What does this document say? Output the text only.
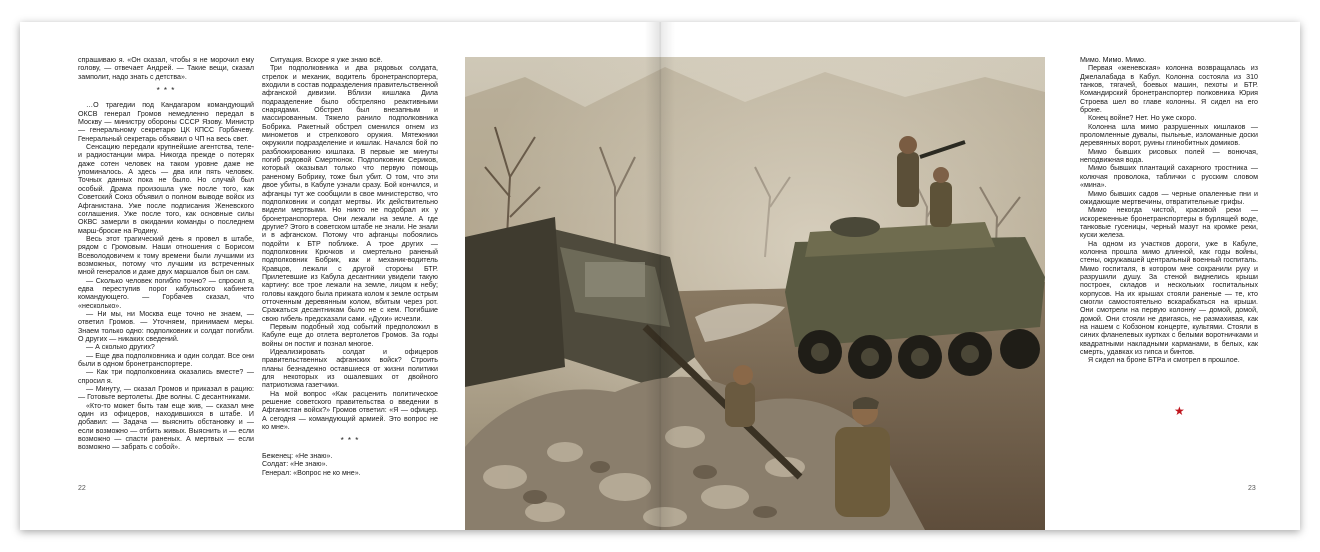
спрашиваю я. «Он сказал, чтобы я не морочил ему голову, — отвечает Андрей. — Такие вещи, сказал замполит, надо знать с детства».

* * *

…О трагедии под Кандагаром командующий ОКСВ генерал Громов немедленно передал в Москву — министру обороны СССР Язову. Министр — генеральному секретарю ЦК КПСС Горбачеву. Генеральный секретарь объявил о ЧП на весь свет.

Сенсацию передали крупнейшие агентства, теле- и радиостанции мира. Никогда прежде о потерях даже сотен человек на таком уровне даже не упоминалось. А здесь — два или пять человек. Точных данных пока не было. Но случай был особый. Драма произошла уже после того, как Советский Союз объявил о полном выводе войск из Афганистана. Уже после подписания Женевского соглашения. Уже после того, как основные силы ОКВС замерли в ожидании команды о последнем марш-броске на Родину.

Весь этот трагический день я провел в штабе, рядом с Громовым. Наши отношения с Борисом Всеволодовичем к тому времени были лучшими из возможных, потому что лучшим из встреченных мной генералов и даже двух маршалов был он сам.

— Сколько человек погибло точно? — спросил я, едва переступив порог кабульского кабинета командующего. — Горбачев сказал, что «несколько».

— Ни мы, ни Москва еще точно не знаем, — ответил Громов. — Уточняем, принимаем меры. Знаем только одно: подполковник и солдат погибли. О других — никаких сведений.

— А сколько других?

— Еще два подполковника и один солдат. Все они были в одном бронетранспортере.

— Как три подполковника оказались вместе? — спросил я.

— Минуту, — сказал Громов и приказал в рацию: — Готовьте вертолеты. Две волны. С десантниками.

«Кто-то может быть там еще жив, — сказал мне один из офицеров, находившихся в штабе. И добавил: — Задача — выяснить обстановку и — если возможно — отбить живых. Выяснить и — если возможно — спасти раненых. А мертвых — если возможно — забрать с собой».

22

Ситуация. Вскоре я уже знаю всё.

Три подполковника и два рядовых солдата, стрелок и механик, водитель бронетранспортера, входили в состав подразделения правительственной афганской дивизии. Вблизи кишлака Дила подразделение было обстреляно реактивными снарядами. Обстрел был внезапным и массированным. Тяжело ранило подполковника Бобрика. Ракетный обстрел сменился огнем из минометов и стрелкового оружия. Мятежники окружили подразделение и кишлак. Начался бой по разблокированию кишлака. В первые же минуты погиб рядовой Смертюнок. Подполковник Сериков, который оказывал только что первую помощь раненому Бобрику, тоже был убит. О том, что эти двое убиты, в Кабуле узнали сразу. Бой кончился, и афганцы тут же сообщили в свое министерство, что подполковник и солдат мертвы. Их действительно видели мертвыми. Но никто не подобрал их у бронетранспортера. Они лежали на земле. А где другие? Этого в советском штабе не знали. Не знали и в афганском. Потому что афганцы побоялись подойти к БТР поближе. А трое других — подполковник Крючков и смертельно раненый подполковник Бобрик, как и механик-водитель Кравцов, лежали с другой стороны БТР. Прилетевшие из Кабула десантники увидели такую картину: все трое лежали на земле, лицом к небу; головы каждого была прижата колом к земле острым отточенным деревянным колом, вбитым через рот. Сражаться десантникам было не с кем. Погибшие свою гибель предсказали сами. «Духи» исчезли.

Первым подобный ход событий предположил в Кабуле еще до отлета вертолетов Громов. За годы войны он постиг и познал многое.

Идеализировать солдат и офицеров правительственных афганских войск? Строить планы безнадежно оставшиеся от жизни политики для некоторых из ошалевших от двойного патриотизма газетчики.

На мой вопрос «Как расценить политическое решение советского правительства о введении в Афганистан войск?» Громов ответил: «Я — офицер. А сегодня — командующий армией. Это вопрос не ко мне».

* * *

Беженец: «Не знаю».

Солдат: «Не знаю».

Генерал: «Вопрос не ко мне».

Мимо. Мимо. Мимо.

Первая «женевская» колонна возвращалась из Джелалабада в Кабул. Колонна состояла из 310 танков, тягачей, боевых машин, пехоты и БТР. Командирский бронетранспортер полковника Юрия Строева шел во главе колонны. Я сидел на его броне.

Конец войне? Нет. Но уже скоро.

Колонна шла мимо разрушенных кишлаков — проломленные дувалы, пыльные, изломанные доски деревянных ворот, руины глинобитных домиков.

Мимо бывших рисовых полей — вонючая, неподвижная вода.

Мимо бывших плантаций сахарного тростника — колючая проволока, таблички с русским словом «мина».

Мимо бывших садов — черные опаленные пни и ожидающие мертвечины, отвратительные грифы.

Мимо некогда чистой, красивой реки — искореженные бронетранспортеры в бурлящей воде, танковые гусеницы, черный мазут на кромке реки, куски железа.

На одном из участков дороги, уже в Кабуле, колонна прошла мимо длинной, как годы войны, стены, окружавшей центральный военный госпиталь. Мимо госпиталя, в котором мне сохранили руку и разрушили душу. За стеной виднелись крыши построек, складов и нескольких госпитальных корпусов. На их крышах стояли раненые — те, кто смогли самостоятельно вскарабкаться на крыши. Они смотрели на первую колонну — домой, домой, домой. Они стояли не двигаясь, не размахивая, как на нашем с Кобзоном концерте, культями. Стояли в синих фланелевых куртках с белыми воротничками и квадратными накладными карманами, в белых, как смерть, удавках из гипса и бинтов.

Я сидел на броне БТРа и смотрел в прошлое.

23
★
